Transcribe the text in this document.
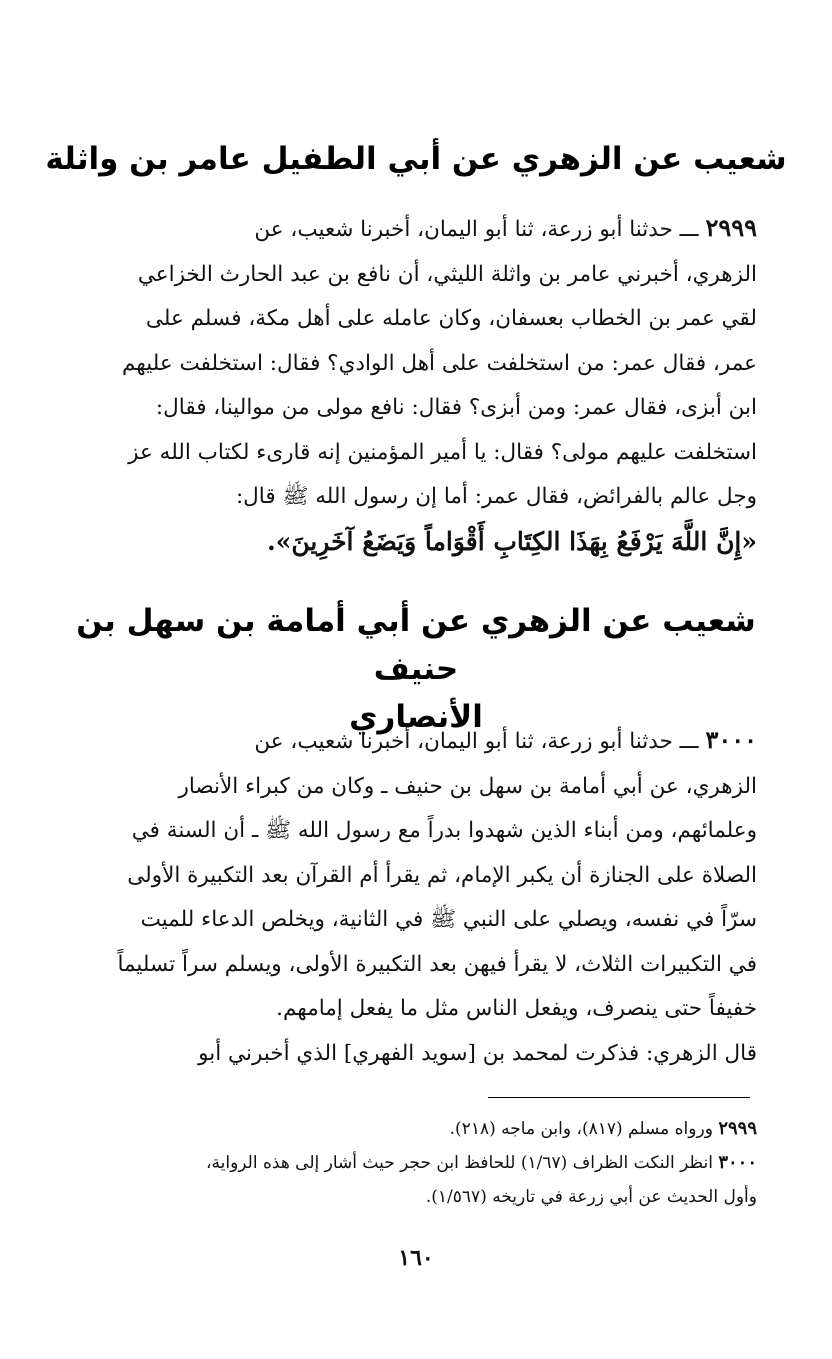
شعيب عن الزهري عن أبي الطفيل عامر بن واثلة
٢٩٩٩ ـــ حدثنا أبو زرعة، ثنا أبو اليمان، أخبرنا شعيب، عن
الزهري، أخبرني عامر بن واثلة الليثي، أن نافع بن عبد الحارث الخزاعي
لقي عمر بن الخطاب بعسفان، وكان عامله على أهل مكة، فسلم على
عمر، فقال عمر: من استخلفت على أهل الوادي؟ فقال: استخلفت عليهم
ابن أبزى، فقال عمر: ومن أبزى؟ فقال: نافع مولى من موالينا، فقال:
استخلفت عليهم مولى؟ فقال: يا أمير المؤمنين إنه قارىء لكتاب الله عز
وجل عالم بالفرائض، فقال عمر: أما إن رسول الله ﷺ قال:
«إِنَّ اللَّهَ يَرْفَعُ بِهَذَا الكِتَابِ أَقْوَاماً وَيَضَعُ آخَرِينَ».
شعيب عن الزهري عن أبي أمامة بن سهل بن حنيف
الأنصاري
٣٠٠٠ ـــ حدثنا أبو زرعة، ثنا أبو اليمان، أخبرنا شعيب، عن
الزهري، عن أبي أمامة بن سهل بن حنيف ـ وكان من كبراء الأنصار
وعلمائهم، ومن أبناء الذين شهدوا بدراً مع رسول الله ﷺ ـ أن السنة في
الصلاة على الجنازة أن يكبر الإمام، ثم يقرأ أم القرآن بعد التكبيرة الأولى
سرّاً في نفسه، ويصلي على النبي ﷺ في الثانية، ويخلص الدعاء للميت
في التكبيرات الثلاث، لا يقرأ فيهن بعد التكبيرة الأولى، ويسلم سراً تسليماً
خفيفاً حتى ينصرف، ويفعل الناس مثل ما يفعل إمامهم.
قال الزهري: فذكرت لمحمد بن [سويد الفهري] الذي أخبرني أبو
٢٩٩٩ ورواه مسلم (٨١٧)، وابن ماجه (٢١٨).
٣٠٠٠ انظر النكت الظراف (١/٦٧) للحافظ ابن حجر حيث أشار إلى هذه الرواية،
وأول الحديث عن أبي زرعة في تاريخه (١/٥٦٧).
١٦٠
